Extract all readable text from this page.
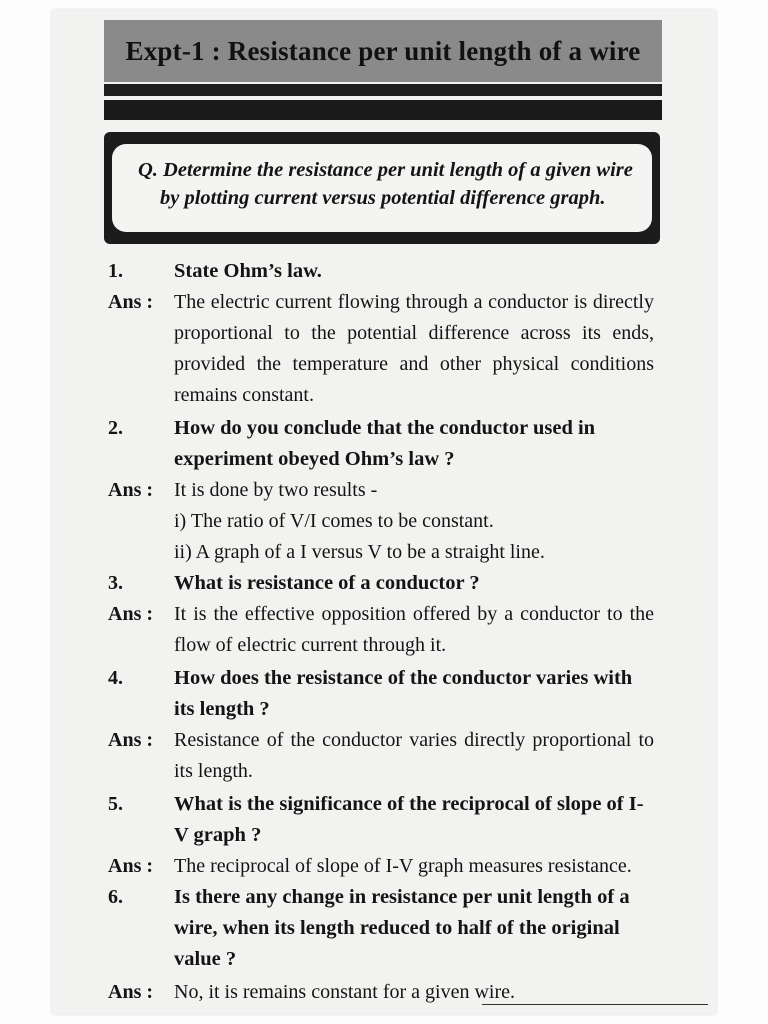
Expt-1 : Resistance per unit length of a wire
Q. Determine the resistance per unit length of a given wire
by plotting current versus potential difference graph.
1.	State Ohm’s law.
Ans :	The electric current flowing through a conductor is directly proportional to the potential difference across its ends, provided the temperature and other physical conditions remains constant.
2.	How do you conclude that the conductor used in experiment obeyed Ohm’s law ?
Ans :	It is done by two results -
i) The ratio of V/I comes to be constant.
ii) A graph of a I versus V to be a straight line.
3.	What is resistance of a conductor ?
Ans :	It is the effective opposition offered by a conductor to the flow of electric current through it.
4.	How does the resistance of the conductor varies with its length ?
Ans :	Resistance of the conductor varies directly proportional to its length.
5.	What is the significance of the reciprocal of slope of I-V graph ?
Ans :	The reciprocal of slope of I-V graph measures resistance.
6.	Is there any change in resistance per unit length of a wire, when its length reduced to half of the original value ?
Ans :	No, it is remains constant for a given wire.
